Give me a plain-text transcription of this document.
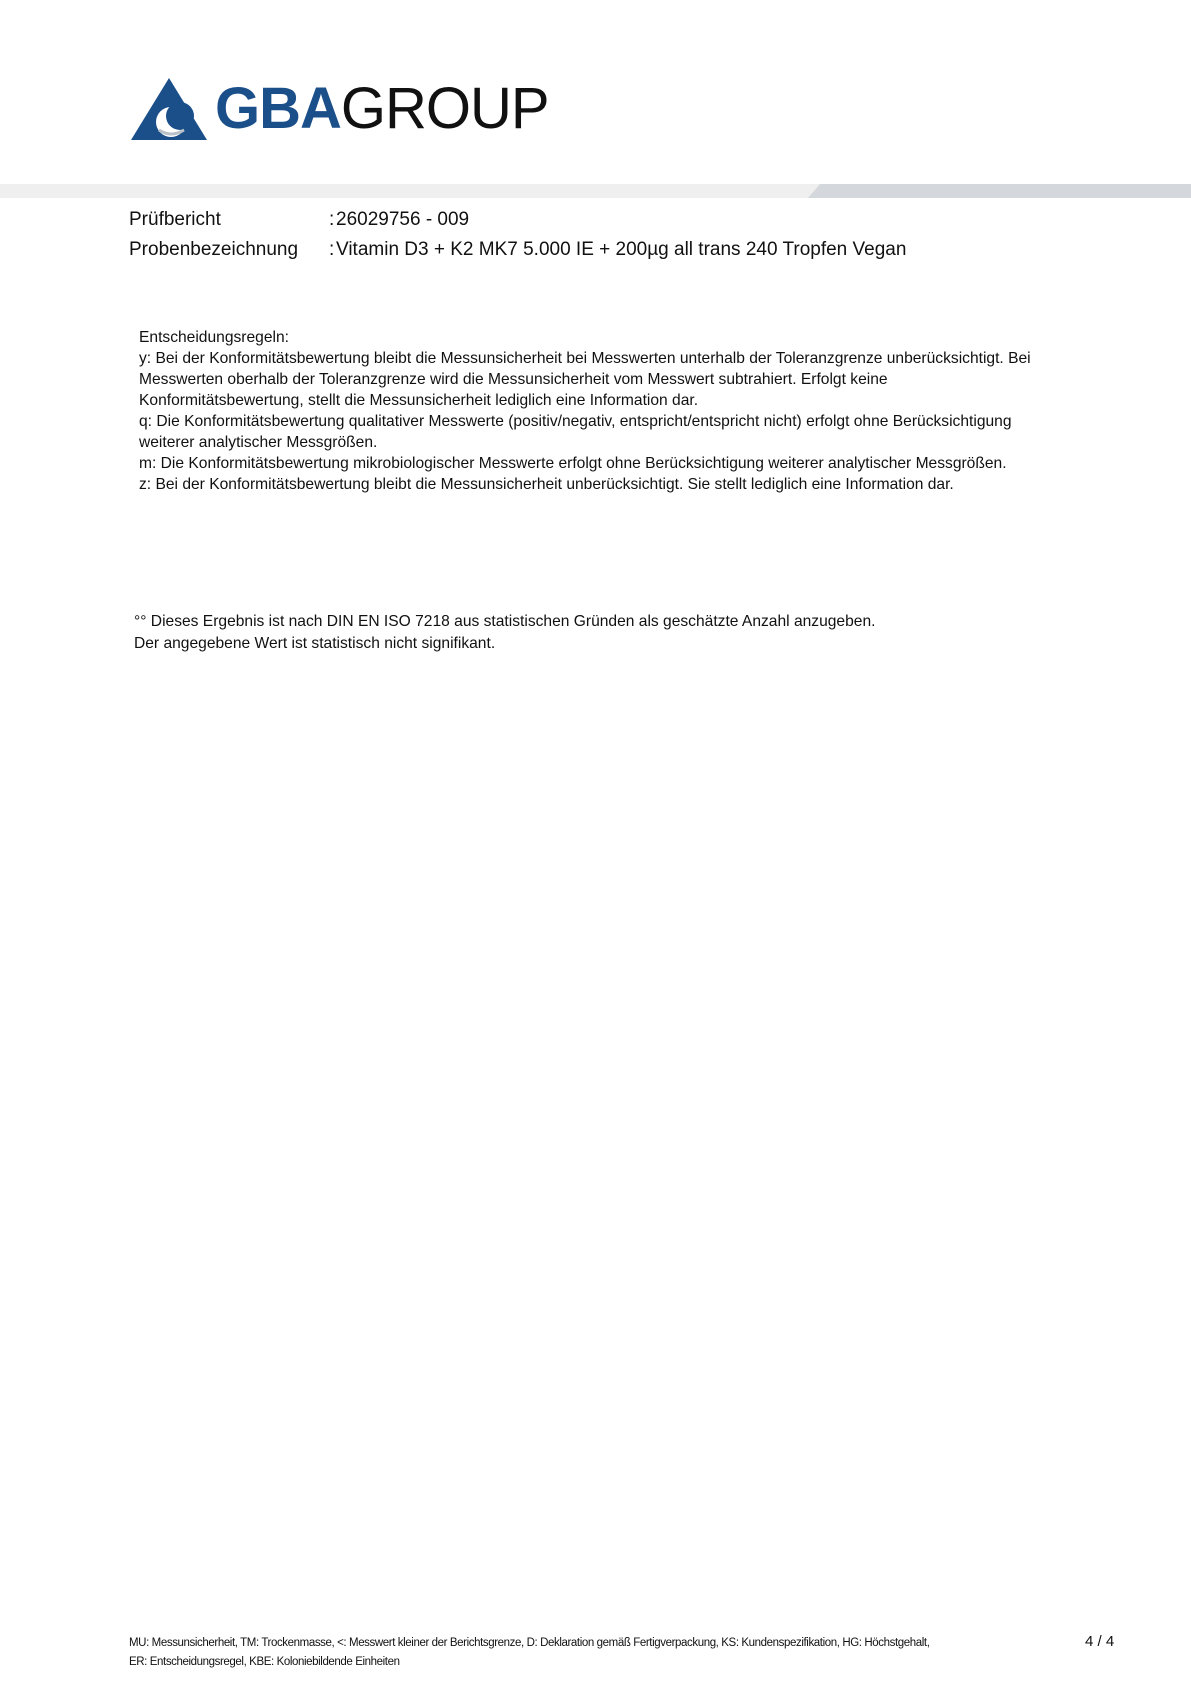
GBAGROUP
Prüfbericht	: 26029756 - 009
Probenbezeichnung : Vitamin D3 + K2 MK7 5.000 IE + 200µg all trans 240 Tropfen Vegan

Entscheidungsregeln:

y: Bei der Konformitätsbewertung bleibt die Messunsicherheit bei Messwerten unterhalb der Toleranzgrenze unberücksichtigt. Bei

Messwerten oberhalb der Toleranzgrenze wird die Messunsicherheit vom Messwert subtrahiert. Erfolgt keine

Konformitätsbewertung, stellt die Messunsicherheit lediglich eine Information dar.

q: Die Konformitätsbewertung qualitativer Messwerte (positiv/negativ, entspricht/entspricht nicht) erfolgt ohne Berücksichtigung

weiterer analytischer Messgrößen.

m: Die Konformitätsbewertung mikrobiologischer Messwerte erfolgt ohne Berücksichtigung weiterer analytischer Messgrößen.

z: Bei der Konformitätsbewertung bleibt die Messunsicherheit unberücksichtigt. Sie stellt lediglich eine Information dar.

°° Dieses Ergebnis ist nach DIN EN ISO 7218 aus statistischen Gründen als geschätzte Anzahl anzugeben.

Der angegebene Wert ist statistisch nicht signifikant.

MU: Messunsicherheit, TM: Trockenmasse, <: Messwert kleiner der Berichtsgrenze, D: Deklaration gemäß Fertigverpackung, KS: Kundenspezifikation, HG: Höchstgehalt,

ER: Entscheidungsregel, KBE: Koloniebildende Einheiten

4 / 4
